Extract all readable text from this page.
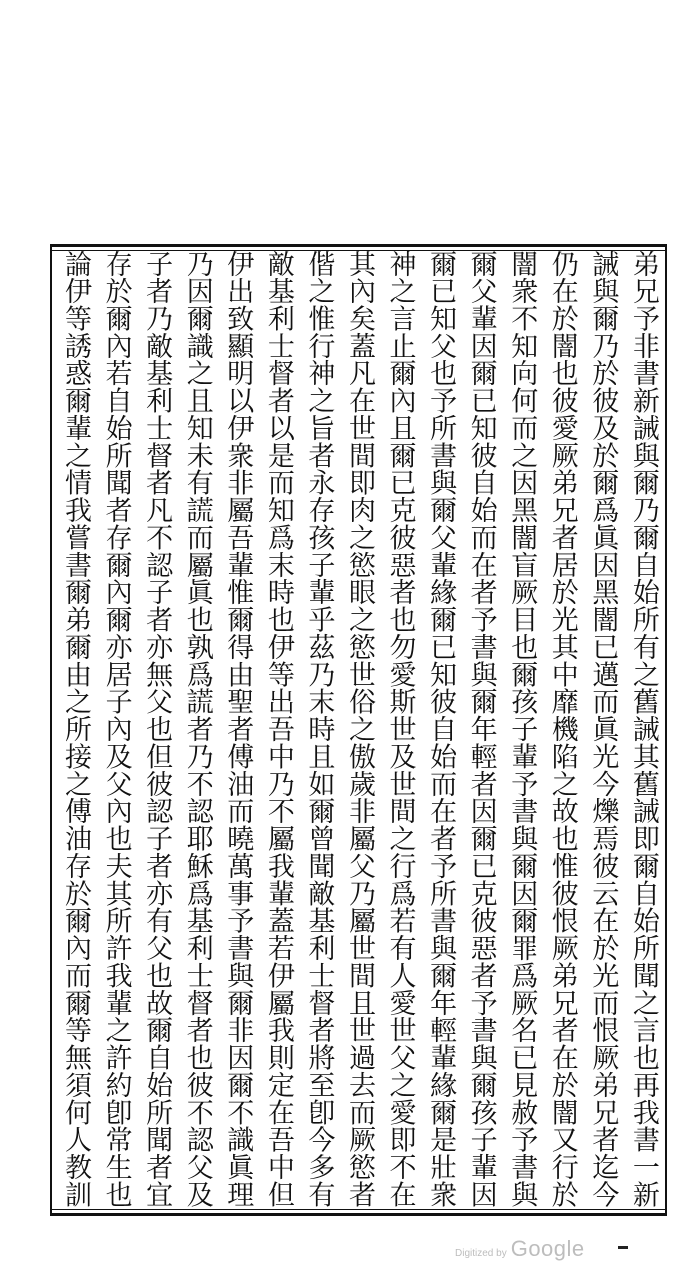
弟兄予非書新誡與爾乃爾自始所有之舊誡其舊誡即爾自始所聞之言也再我書一新
誡與爾乃於彼及於爾爲眞因黑闇已邁而眞光今爍焉彼云在於光而恨厥弟兄者迄今
仍在於闇也彼愛厥弟兄者居於光其中靡機陷之故也惟彼恨厥弟兄者在於闇又行於
闇衆不知向何而之因黑闇盲厥目也爾孩子輩予書與爾因爾罪爲厥名已見赦予書與
爾父輩因爾已知彼自始而在者予書與爾年輕者因爾已克彼惡者予書與爾孩子輩因
爾已知父也予所書與爾父輩緣爾已知彼自始而在者予所書與爾年輕輩緣爾是壯衆
神之言止爾內且爾已克彼惡者也勿愛斯世及世間之行爲若有人愛世父之愛即不在
其內矣蓋凡在世間即肉之慾眼之慾世俗之傲歲非屬父乃屬世間且世過去而厥慾者
偕之惟行神之旨者永存孩子輩乎茲乃末時且如爾曾聞敵基利士督者將至卽今多有
敵基利士督者以是而知爲末時也伊等出吾中乃不屬我輩蓋若伊屬我則定在吾中但
伊出致顯明以伊衆非屬吾輩惟爾得由聖者傅油而曉萬事予書與爾非因爾不識眞理
乃因爾識之且知未有謊而屬眞也孰爲謊者乃不認耶穌爲基利士督者也彼不認父及
子者乃敵基利士督者凡不認子者亦無父也但彼認子者亦有父也故爾自始所聞者宜
存於爾內若自始所聞者存爾內爾亦居子內及父內也夫其所許我輩之許約卽常生也
論伊等誘惑爾輩之情我嘗書爾弟爾由之所接之傅油存於爾內而爾等無須何人教訓
Digitized by Google
